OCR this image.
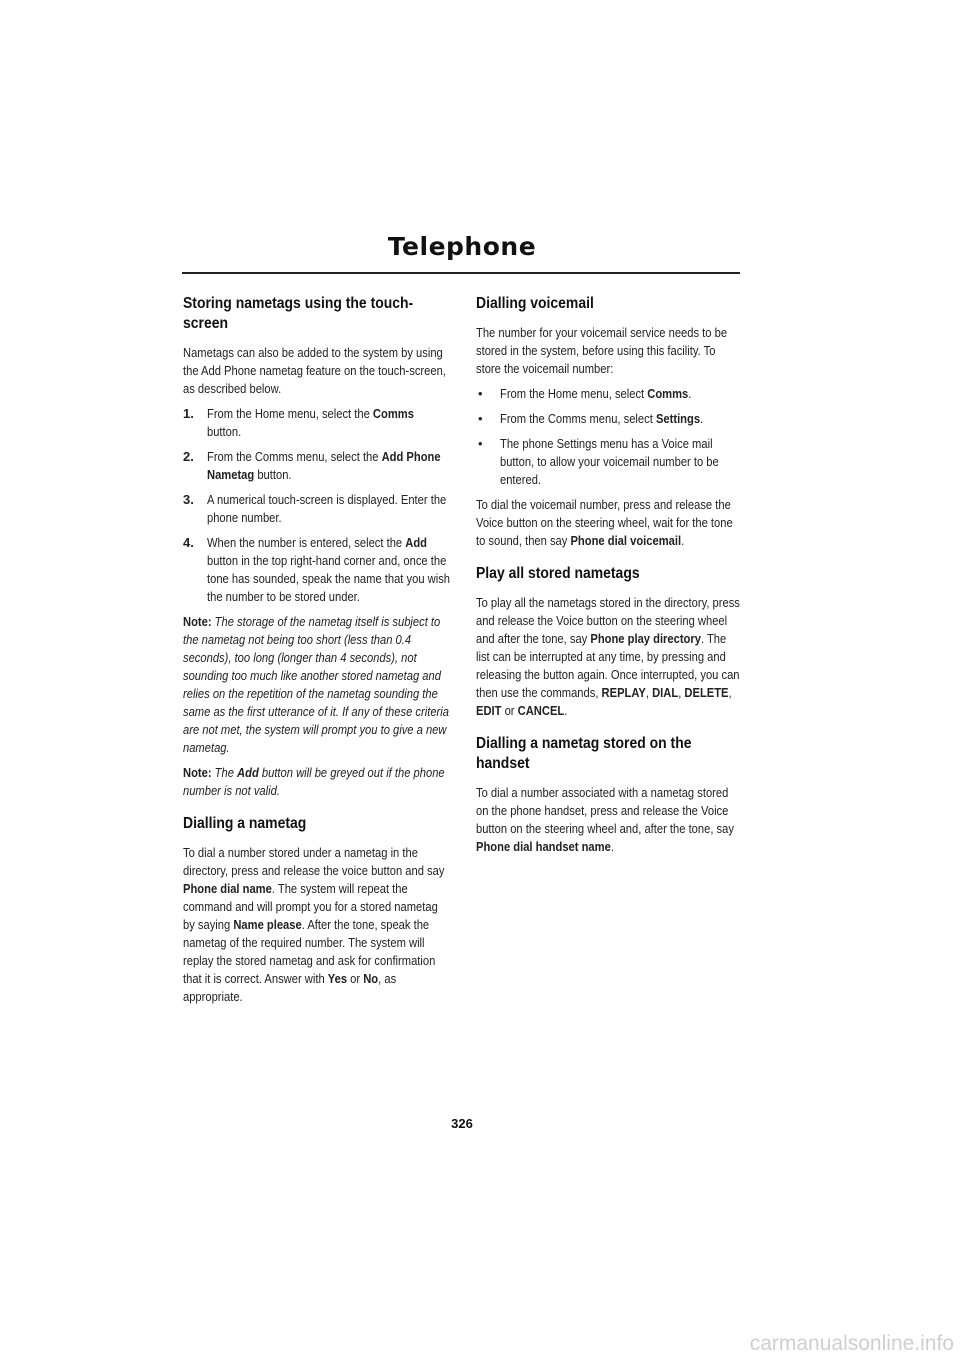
Telephone
Storing nametags using the touch-screen

Nametags can also be added to the system by using the Add Phone nametag feature on the touch-screen, as described below.

1. From the Home menu, select the Comms button.
2. From the Comms menu, select the Add Phone Nametag button.
3. A numerical touch-screen is displayed. Enter the phone number.
4. When the number is entered, select the Add button in the top right-hand corner and, once the tone has sounded, speak the name that you wish the number to be stored under.

Note: The storage of the nametag itself is subject to the nametag not being too short (less than 0.4 seconds), too long (longer than 4 seconds), not sounding too much like another stored nametag and relies on the repetition of the nametag sounding the same as the first utterance of it. If any of these criteria are not met, the system will prompt you to give a new nametag.

Note: The Add button will be greyed out if the phone number is not valid.

Dialling a nametag

To dial a number stored under a nametag in the directory, press and release the voice button and say Phone dial name. The system will repeat the command and will prompt you for a stored nametag by saying Name please. After the tone, speak the nametag of the required number. The system will replay the stored nametag and ask for confirmation that it is correct. Answer with Yes or No, as appropriate.

Dialling voicemail

The number for your voicemail service needs to be stored in the system, before using this facility. To store the voicemail number:

• From the Home menu, select Comms.
• From the Comms menu, select Settings.
• The phone Settings menu has a Voice mail button, to allow your voicemail number to be entered.

To dial the voicemail number, press and release the Voice button on the steering wheel, wait for the tone to sound, then say Phone dial voicemail.

Play all stored nametags

To play all the nametags stored in the directory, press and release the Voice button on the steering wheel and after the tone, say Phone play directory. The list can be interrupted at any time, by pressing and releasing the button again. Once interrupted, you can then use the commands, REPLAY, DIAL, DELETE, EDIT or CANCEL.

Dialling a nametag stored on the handset

To dial a number associated with a nametag stored on the phone handset, press and release the Voice button on the steering wheel and, after the tone, say Phone dial handset name.

326
carmanualsonline.info
